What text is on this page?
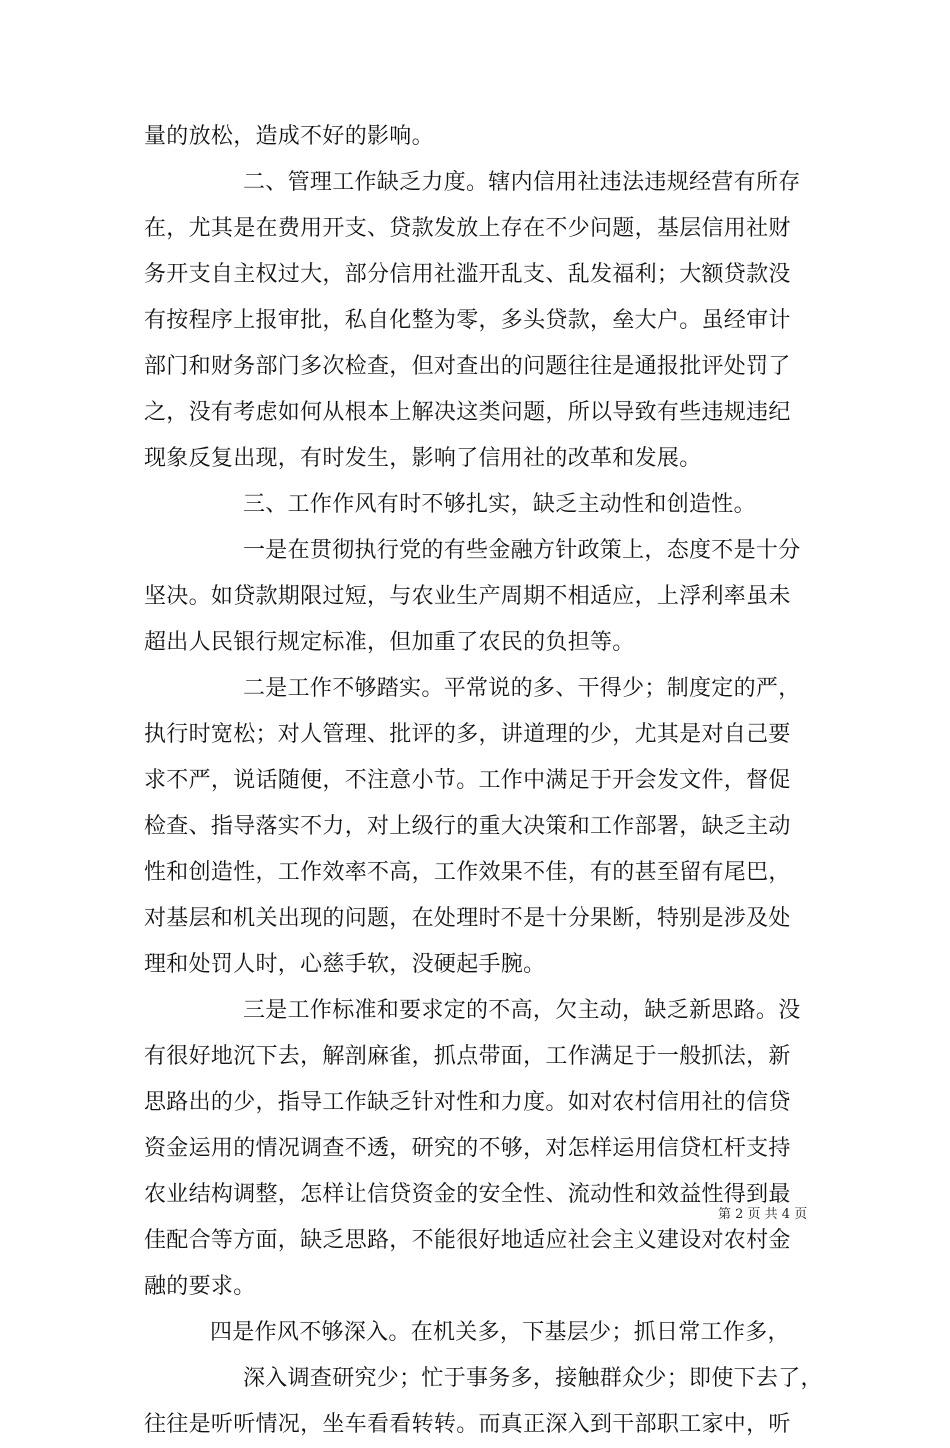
量的放松，造成不好的影响。
二、管理工作缺乏力度。辖内信用社违法违规经营有所存
在，尤其是在费用开支、贷款发放上存在不少问题，基层信用社财
务开支自主权过大，部分信用社滥开乱支、乱发福利；大额贷款没
有按程序上报审批，私自化整为零，多头贷款，垒大户。虽经审计
部门和财务部门多次检查，但对查出的问题往往是通报批评处罚了
之，没有考虑如何从根本上解决这类问题，所以导致有些违规违纪
现象反复出现，有时发生，影响了信用社的改革和发展。
三、工作作风有时不够扎实，缺乏主动性和创造性。
一是在贯彻执行党的有些金融方针政策上，态度不是十分
坚决。如贷款期限过短，与农业生产周期不相适应，上浮利率虽未
超出人民银行规定标准，但加重了农民的负担等。
二是工作不够踏实。平常说的多、干得少；制度定的严，
执行时宽松；对人管理、批评的多，讲道理的少，尤其是对自己要
求不严，说话随便，不注意小节。工作中满足于开会发文件，督促
检查、指导落实不力，对上级行的重大决策和工作部署，缺乏主动
性和创造性，工作效率不高，工作效果不佳，有的甚至留有尾巴，
对基层和机关出现的问题，在处理时不是十分果断，特别是涉及处
理和处罚人时，心慈手软，没硬起手腕。
三是工作标准和要求定的不高，欠主动，缺乏新思路。没
有很好地沉下去，解剖麻雀，抓点带面，工作满足于一般抓法，新
思路出的少，指导工作缺乏针对性和力度。如对农村信用社的信贷
资金运用的情况调查不透，研究的不够，对怎样运用信贷杠杆支持
农业结构调整，怎样让信贷资金的安全性、流动性和效益性得到最
佳配合等方面，缺乏思路，不能很好地适应社会主义建设对农村金
融的要求。
四是作风不够深入。在机关多，下基层少；抓日常工作多，
深入调查研究少；忙于事务多，接触群众少；即使下去了，
往往是听听情况，坐车看看转转。而真正深入到干部职工家中，听
第 2 页 共 4 页
